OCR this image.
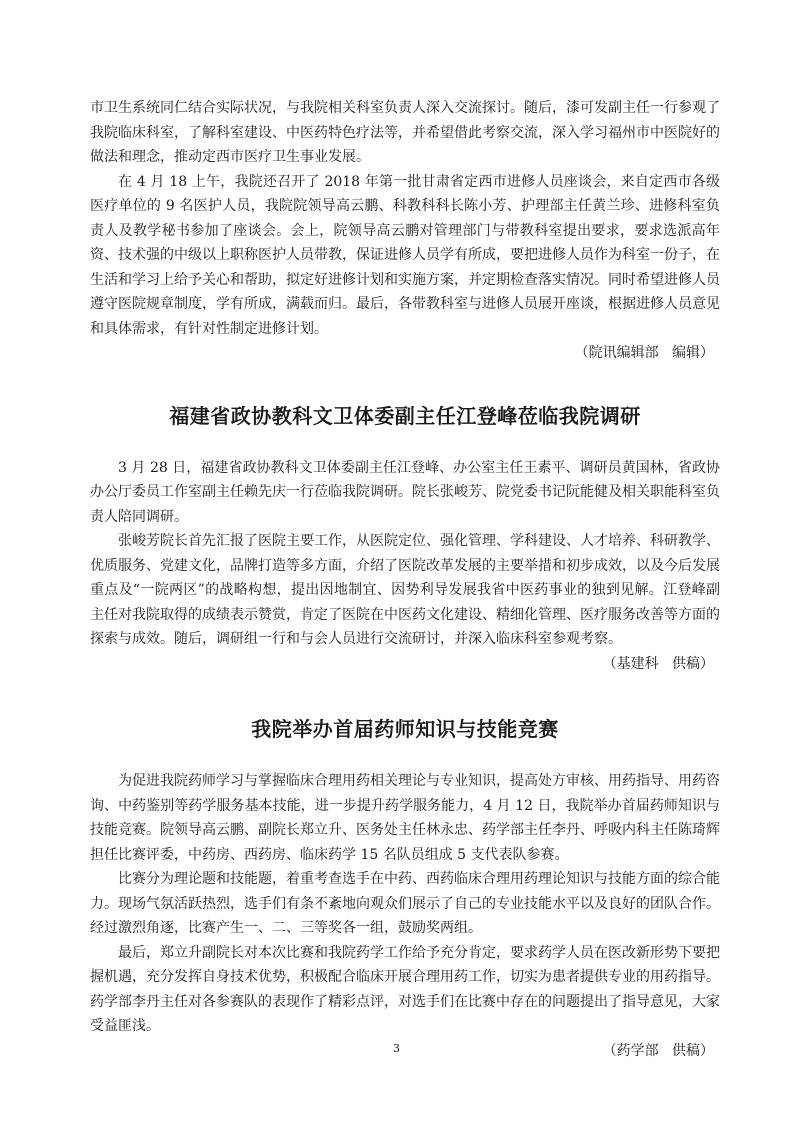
市卫生系统同仁结合实际状况，与我院相关科室负责人深入交流探讨。随后，漆可发副主任一行参观了我院临床科室，了解科室建设、中医药特色疗法等，并希望借此考察交流，深入学习福州市中医院好的做法和理念，推动定西市医疗卫生事业发展。

在 4 月 18 上午，我院还召开了 2018 年第一批甘肃省定西市进修人员座谈会，来自定西市各级医疗单位的 9 名医护人员，我院院领导高云鹏、科教科科长陈小芳、护理部主任黄兰珍、进修科室负责人及教学秘书参加了座谈会。会上，院领导高云鹏对管理部门与带教科室提出要求，要求选派高年资、技术强的中级以上职称医护人员带教，保证进修人员学有所成，要把进修人员作为科室一份子，在生活和学习上给予关心和帮助，拟定好进修计划和实施方案，并定期检查落实情况。同时希望进修人员遵守医院规章制度，学有所成，满载而归。最后，各带教科室与进修人员展开座谈，根据进修人员意见和具体需求，有针对性制定进修计划。

（院讯编辑部   编辑）

福建省政协教科文卫体委副主任江登峰莅临我院调研

3 月 28 日，福建省政协教科文卫体委副主任江登峰、办公室主任王素平、调研员黄国林，省政协办公厅委员工作室副主任赖先庆一行莅临我院调研。院长张峻芳、院党委书记阮能健及相关职能科室负责人陪同调研。

张峻芳院长首先汇报了医院主要工作，从医院定位、强化管理、学科建设、人才培养、科研教学、优质服务、党建文化，品牌打造等多方面，介绍了医院改革发展的主要举措和初步成效，以及今后发展重点及“一院两区”的战略构想，提出因地制宜、因势利导发展我省中医药事业的独到见解。江登峰副主任对我院取得的成绩表示赞赏，肯定了医院在中医药文化建设、精细化管理、医疗服务改善等方面的探索与成效。随后，调研组一行和与会人员进行交流研讨，并深入临床科室参观考察。

（基建科   供稿）

我院举办首届药师知识与技能竞赛

为促进我院药师学习与掌握临床合理用药相关理论与专业知识，提高处方审核、用药指导、用药咨询、中药鉴别等药学服务基本技能，进一步提升药学服务能力，4 月 12 日，我院举办首届药师知识与技能竞赛。院领导高云鹏、副院长郑立升、医务处主任林永忠、药学部主任李丹、呼吸内科主任陈琦辉担任比赛评委，中药房、西药房、临床药学 15 名队员组成 5 支代表队参赛。

比赛分为理论题和技能题，着重考查选手在中药、西药临床合理用药理论知识与技能方面的综合能力。现场气氛活跃热烈，选手们有条不紊地向观众们展示了自己的专业技能水平以及良好的团队合作。经过激烈角逐，比赛产生一、二、三等奖各一组，鼓励奖两组。

最后，郑立升副院长对本次比赛和我院药学工作给予充分肯定，要求药学人员在医改新形势下要把握机遇，充分发挥自身技术优势，积极配合临床开展合理用药工作，切实为患者提供专业的用药指导。药学部李丹主任对各参赛队的表现作了精彩点评，对选手们在比赛中存在的问题提出了指导意见，大家受益匪浅。

（药学部   供稿）

3
